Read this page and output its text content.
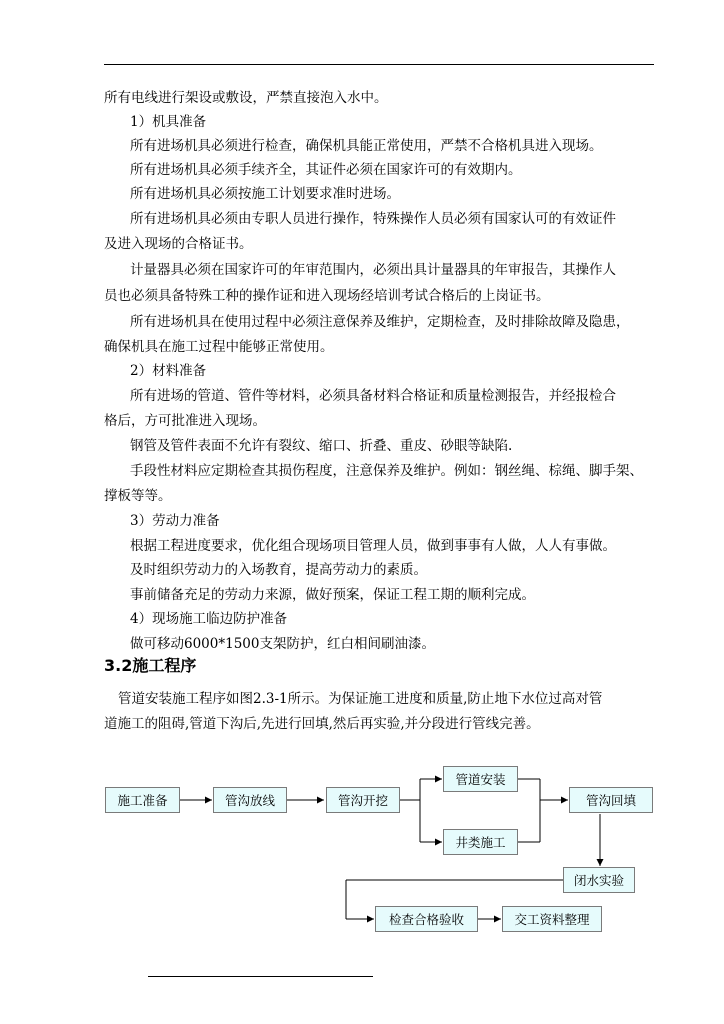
所有电线进行架设或敷设，严禁直接泡入水中。
1）机具准备
所有进场机具必须进行检查，确保机具能正常使用，严禁不合格机具进入现场。
所有进场机具必须手续齐全，其证件必须在国家许可的有效期内。
所有进场机具必须按施工计划要求准时进场。
所有进场机具必须由专职人员进行操作，特殊操作人员必须有国家认可的有效证件
及进入现场的合格证书。
计量器具必须在国家许可的年审范围内，必须出具计量器具的年审报告，其操作人
员也必须具备特殊工种的操作证和进入现场经培训考试合格后的上岗证书。
所有进场机具在使用过程中必须注意保养及维护，定期检查，及时排除故障及隐患，
确保机具在施工过程中能够正常使用。
2）材料准备
所有进场的管道、管件等材料，必须具备材料合格证和质量检测报告，并经报检合
格后，方可批准进入现场。
钢管及管件表面不允许有裂纹、缩口、折叠、重皮、砂眼等缺陷.
手段性材料应定期检查其损伤程度，注意保养及维护。例如：钢丝绳、棕绳、脚手架、
撑板等等。
3）劳动力准备
根据工程进度要求，优化组合现场项目管理人员，做到事事有人做，人人有事做。
及时组织劳动力的入场教育，提高劳动力的素质。
事前储备充足的劳动力来源，做好预案，保证工程工期的顺利完成。
4）现场施工临边防护准备
做可移动6000*1500支架防护，红白相间刷油漆。
3.2施工程序
管道安装施工程序如图2.3-1所示。为保证施工进度和质量,防止地下水位过高对管
道施工的阻碍,管道下沟后,先进行回填,然后再实验,并分段进行管线完善。
施工准备	管沟放线	管沟开挖
管道安装
井类施工
管沟回填
闭水实验
检查合格验收	交工资料整理
